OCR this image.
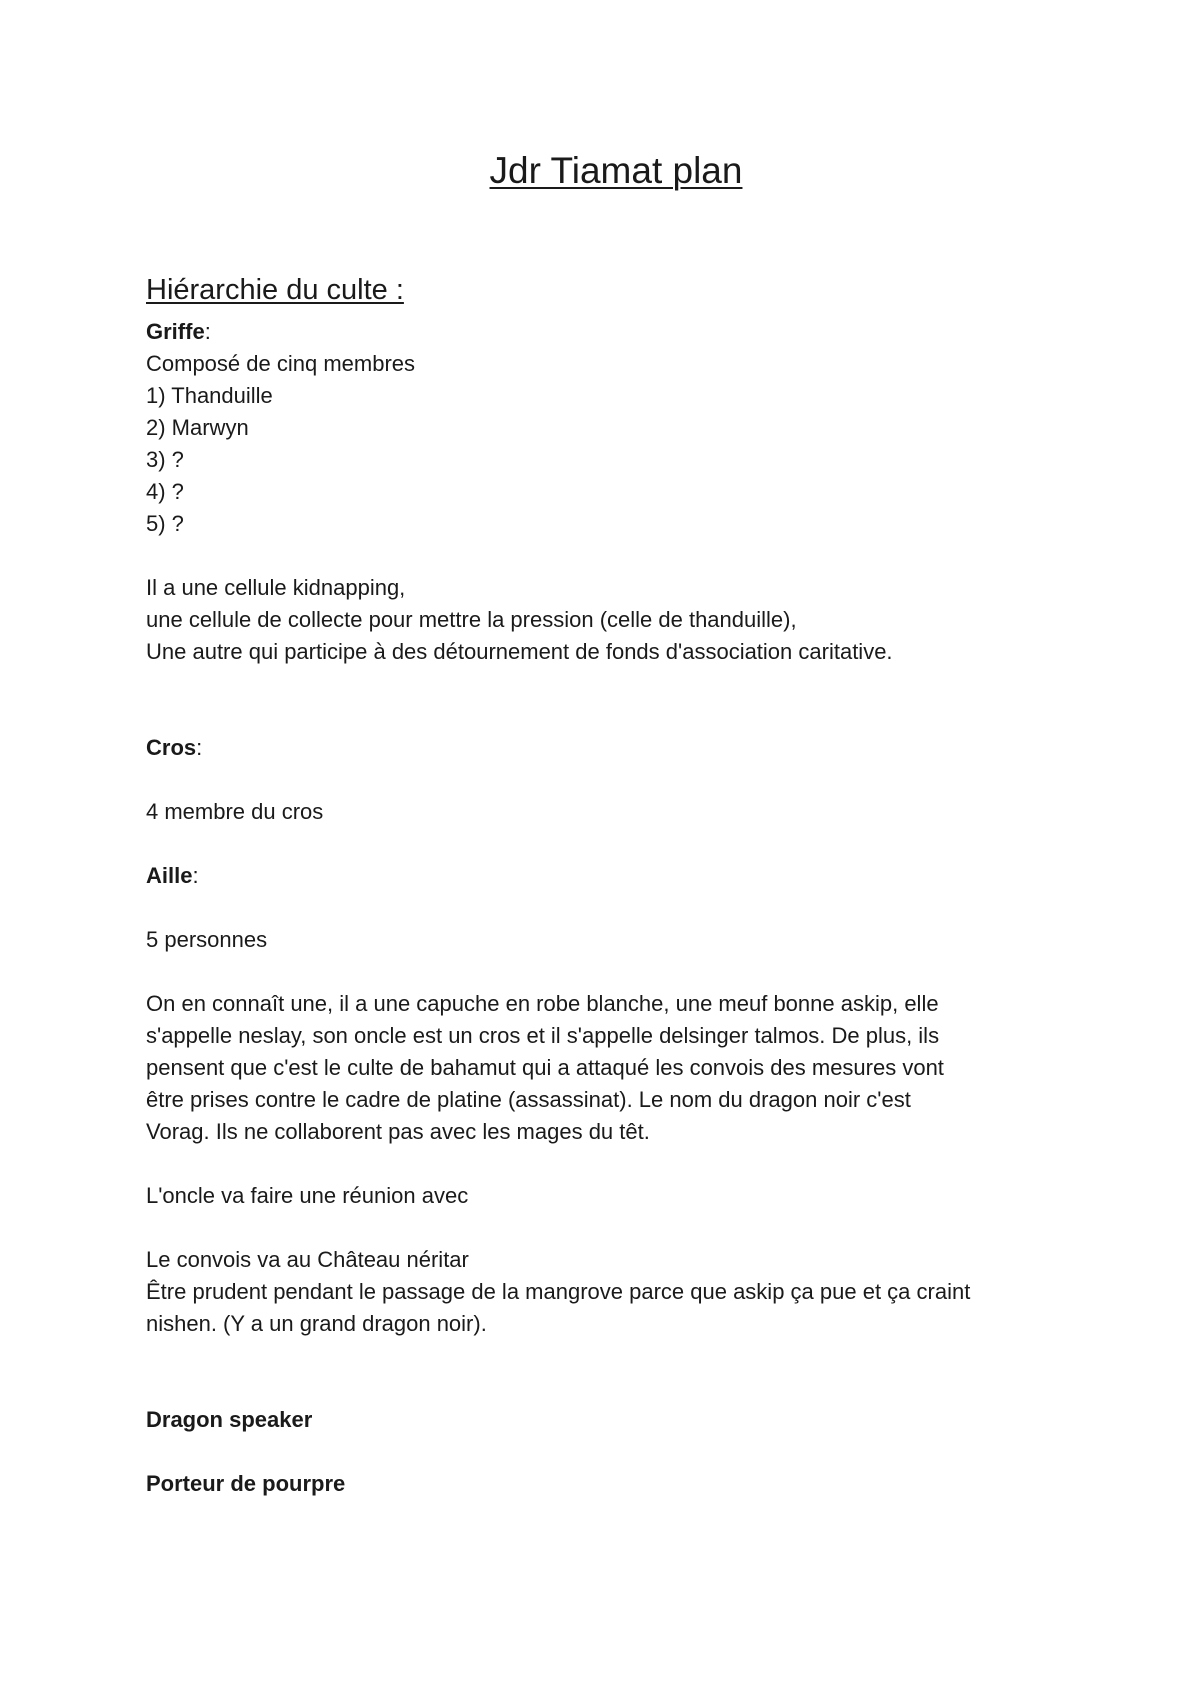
Jdr Tiamat plan
Hiérarchie du culte :

Griffe:

Composé de cinq membres

1) Thanduille

2) Marwyn

3) ?

4) ?

5) ?

Il a une cellule kidnapping,

une cellule de collecte pour mettre la pression (celle de thanduille),

Une autre qui participe à des détournement de fonds d'association caritative.

Cros:

4 membre du cros

Aille:

5 personnes

On en connaît une, il a une capuche en robe blanche, une meuf bonne askip, elle

s'appelle neslay, son oncle est un cros et il s'appelle delsinger talmos. De plus, ils

pensent que c'est le culte de bahamut qui a attaqué les convois des mesures vont

être prises contre le cadre de platine (assassinat). Le nom du dragon noir c'est

Vorag. Ils ne collaborent pas avec les mages du têt.

L'oncle va faire une réunion avec

Le convois va au Château néritar

Être prudent pendant le passage de la mangrove parce que askip ça pue et ça craint

nishen. (Y a un grand dragon noir).

Dragon speaker

Porteur de pourpre
